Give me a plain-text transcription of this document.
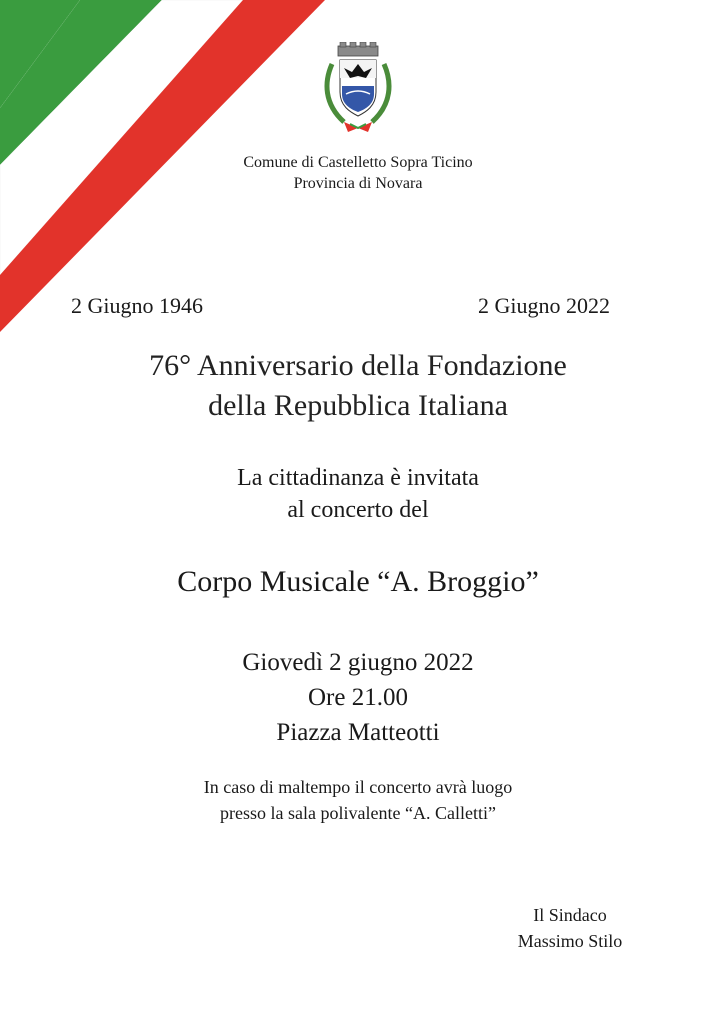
Comune di Castelletto Sopra Ticino
Provincia di Novara
2 Giugno 1946	2 Giugno 2022
76° Anniversario della Fondazione
della Repubblica Italiana
La cittadinanza è invitata
al concerto del
Corpo Musicale “A. Broggio”
Giovedì 2 giugno 2022
Ore 21.00
Piazza Matteotti
In caso di maltempo il concerto avrà luogo
presso la sala polivalente “A. Calletti”
Il Sindaco
Massimo Stilo
